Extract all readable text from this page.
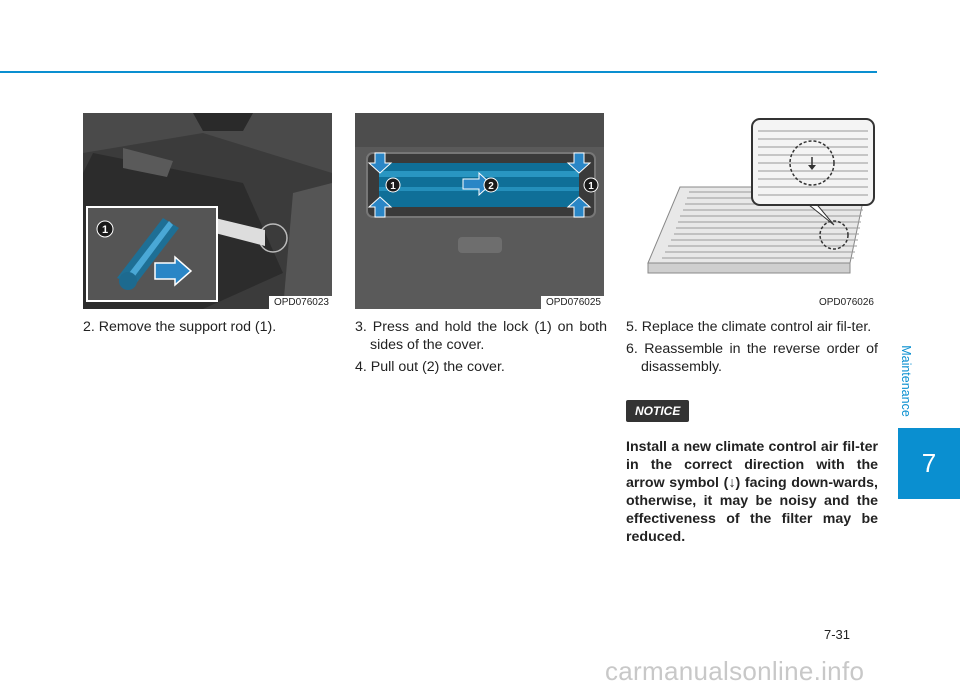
1
OPD076023
1	2	1
OPD076025	OPD076026

2. Remove the support rod (1).	3. Press and hold the lock (1) on both sides of the cover.

4. Pull out (2) the cover.

5. Replace the climate control air fil-ter.

6. Reassemble in the reverse order of disassembly.

NOTICE
Install a new climate control air fil-ter in the correct direction with the arrow symbol (↓) facing down-wards, otherwise, it may be noisy and the effectiveness of the filter may be reduced.
Maintenance
7
7-31
carmanualsonline.info
